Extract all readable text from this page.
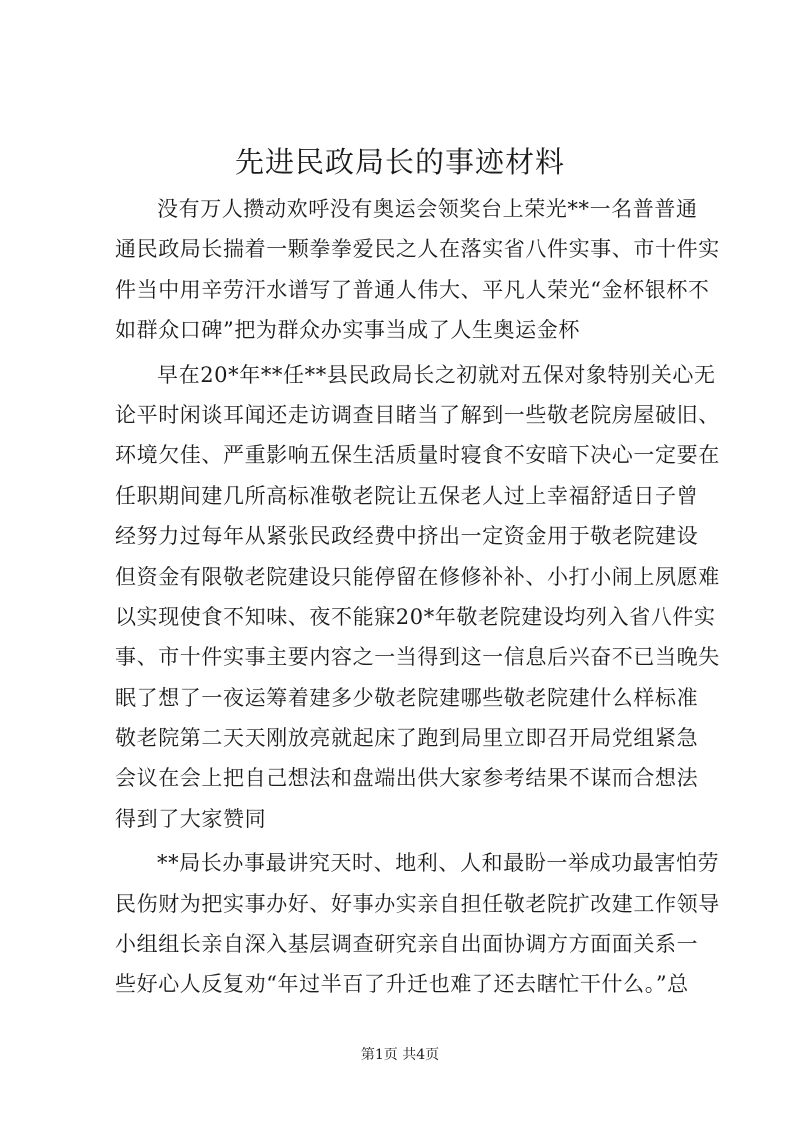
先进民政局长的事迹材料
没有万人攒动欢呼没有奥运会领奖台上荣光**一名普普通
通民政局长揣着一颗拳拳爱民之人在落实省八件实事、市十件实
件当中用辛劳汗水谱写了普通人伟大、平凡人荣光“金杯银杯不
如群众口碑”把为群众办实事当成了人生奥运金杯
早在20*年**任**县民政局长之初就对五保对象特别关心无
论平时闲谈耳闻还走访调查目睹当了解到一些敬老院房屋破旧、
环境欠佳、严重影响五保生活质量时寝食不安暗下决心一定要在
任职期间建几所高标准敬老院让五保老人过上幸福舒适日子曾
经努力过每年从紧张民政经费中挤出一定资金用于敬老院建设
但资金有限敬老院建设只能停留在修修补补、小打小闹上夙愿难
以实现使食不知味、夜不能寐20*年敬老院建设均列入省八件实
事、市十件实事主要内容之一当得到这一信息后兴奋不已当晚失
眠了想了一夜运筹着建多少敬老院建哪些敬老院建什么样标准
敬老院第二天天刚放亮就起床了跑到局里立即召开局党组紧急
会议在会上把自己想法和盘端出供大家参考结果不谋而合想法
得到了大家赞同
**局长办事最讲究天时、地利、人和最盼一举成功最害怕劳
民伤财为把实事办好、好事办实亲自担任敬老院扩改建工作领导
小组组长亲自深入基层调查研究亲自出面协调方方面面关系一
些好心人反复劝“年过半百了升迁也难了还去瞎忙干什么。”总
第1页 共4页
